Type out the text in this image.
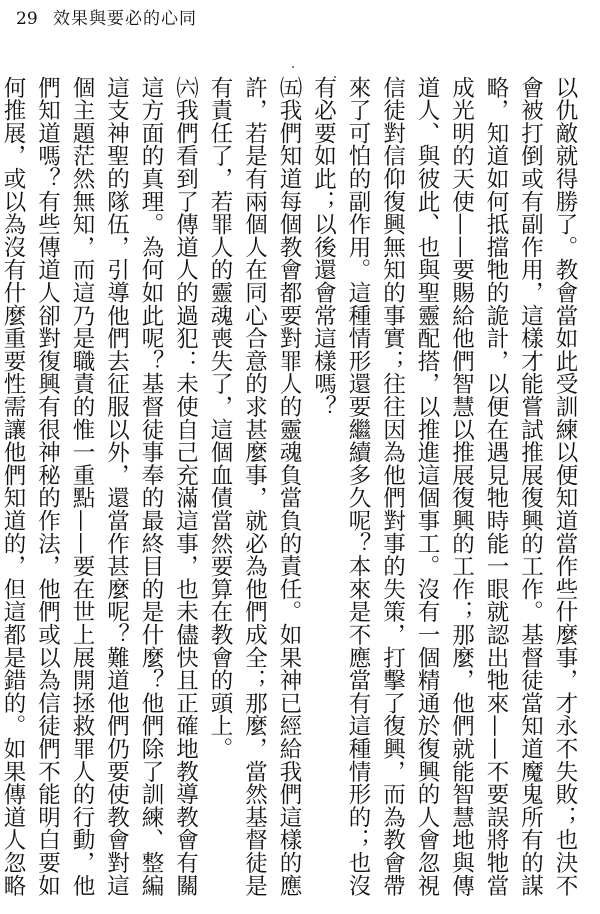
29 效果與要必的心同

以仇敵就得勝了。教會當如此受訓練以便知道當作些什麼事，才永不失敗；也決不會被打倒或有副作用，這樣才能嘗試推展復興的工作。基督徒當知道魔鬼所有的謀略，知道如何抵擋牠的詭計，以便在遇見牠時能一眼就認出牠來——不要誤將牠當成光明的天使——要賜給他們智慧以推展復興的工作；那麼，他們就能智慧地與傳道人、與彼此、也與聖靈配搭，以推進這個事工。沒有一個精通於復興的人會忽視信徒對信仰復興無知的事實；往往因為他們對事的失策，打擊了復興，而為教會帶來了可怕的副作用。這種情形還要繼續多久呢？本來是不應當有這種情形的；也沒有必要如此；以後還會常這樣嗎？

㈤我們知道每個教會都要對罪人的靈魂負當負的責任。如果神已經給我們這樣的應許，若是有兩個人在同心合意的求甚麼事，就必為他們成全；那麼，當然基督徒是有責任了，若罪人的靈魂喪失了，這個血債當然要算在教會的頭上。

㈥我們看到了傳道人的過犯：未使自己充滿這事，也未儘快且正確地教導教會有關這方面的真理。為何如此呢？基督徒事奉的最終目的是什麼？他們除了訓練、整編這支神聖的隊伍，引導他們去征服以外，還當作甚麼呢？難道他們仍要使教會對這個主題茫然無知，而這乃是職責的惟一重點——要在世上展開拯救罪人的行動，他們知道嗎？有些傳道人卻對復興有很神秘的作法，他們或以為信徒們不能明白要如何推展，或以為沒有什麼重要性需讓他們知道的，但這都是錯的。如果傳道人忽略
